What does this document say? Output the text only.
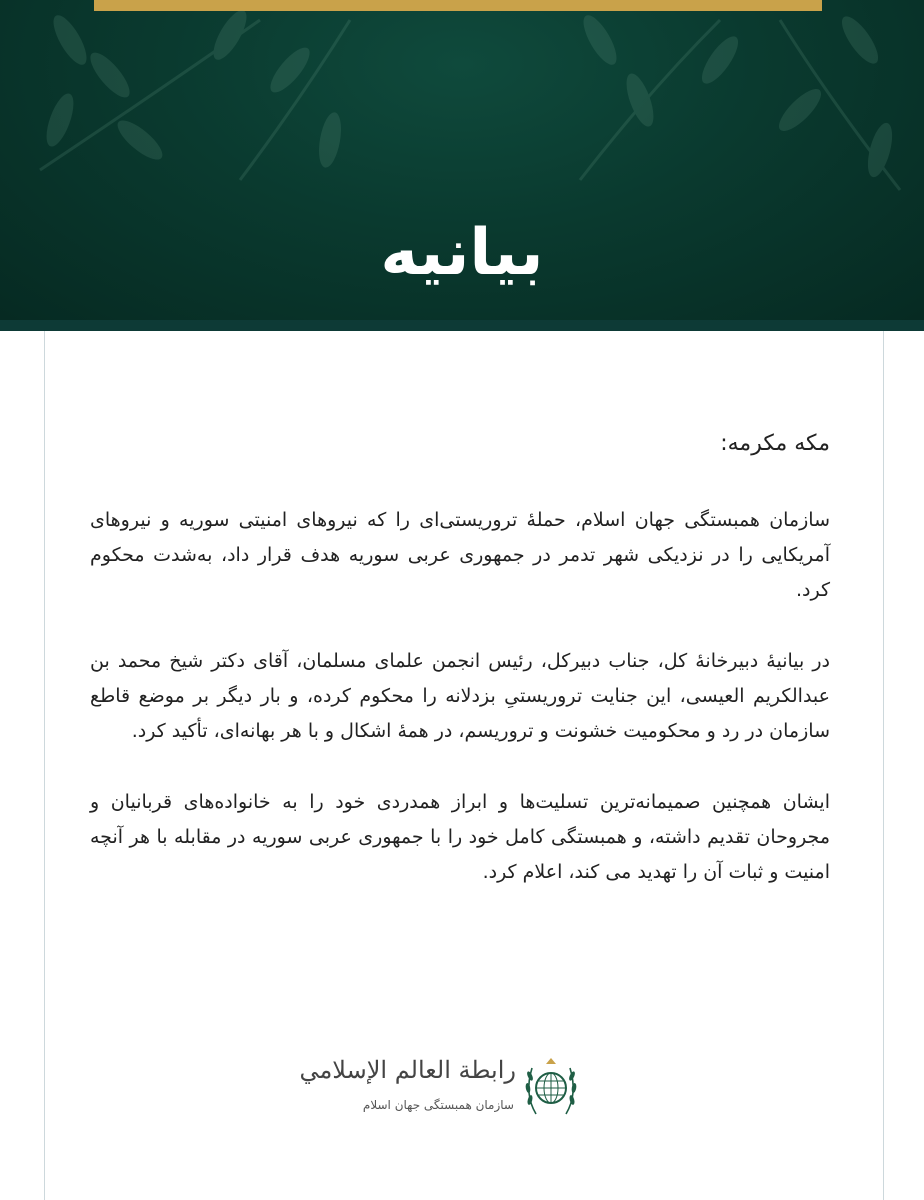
بیانیه

مکه مکرمه:

سازمان همبستگی جهان اسلام، حملهٔ تروریستی‌ای را که نیروهای امنیتی سوریه و نیروهای آمریکایی را در نزدیکی شهر تدمر در جمهوری عربی سوریه هدف قرار داد، به‌شدت محکوم کرد.

در بیانیهٔ دبیرخانهٔ کل، جناب دبیرکل، رئیس انجمن علمای مسلمان، آقای دکتر شیخ محمد بن عبدالکریم العیسی، این جنایت تروریستیِ بزدلانه را محکوم کرده، و بار دیگر بر موضع قاطع سازمان در رد و محکومیت خشونت و تروریسم، در همهٔ اشکال و با هر بهانه‌ای، تأکید کرد.

ایشان همچنین صمیمانه‌ترین تسلیت‌ها و ابراز همدردی خود را به خانواده‌های قربانیان و مجروحان تقدیم داشته، و همبستگی کامل خود را با جمهوری عربی سوریه در مقابله با هر آنچه امنیت و ثبات آن را تهدید می کند، اعلام کرد.

رابطة العالم الإسلامي
سازمان همبستگی جهان اسلام
